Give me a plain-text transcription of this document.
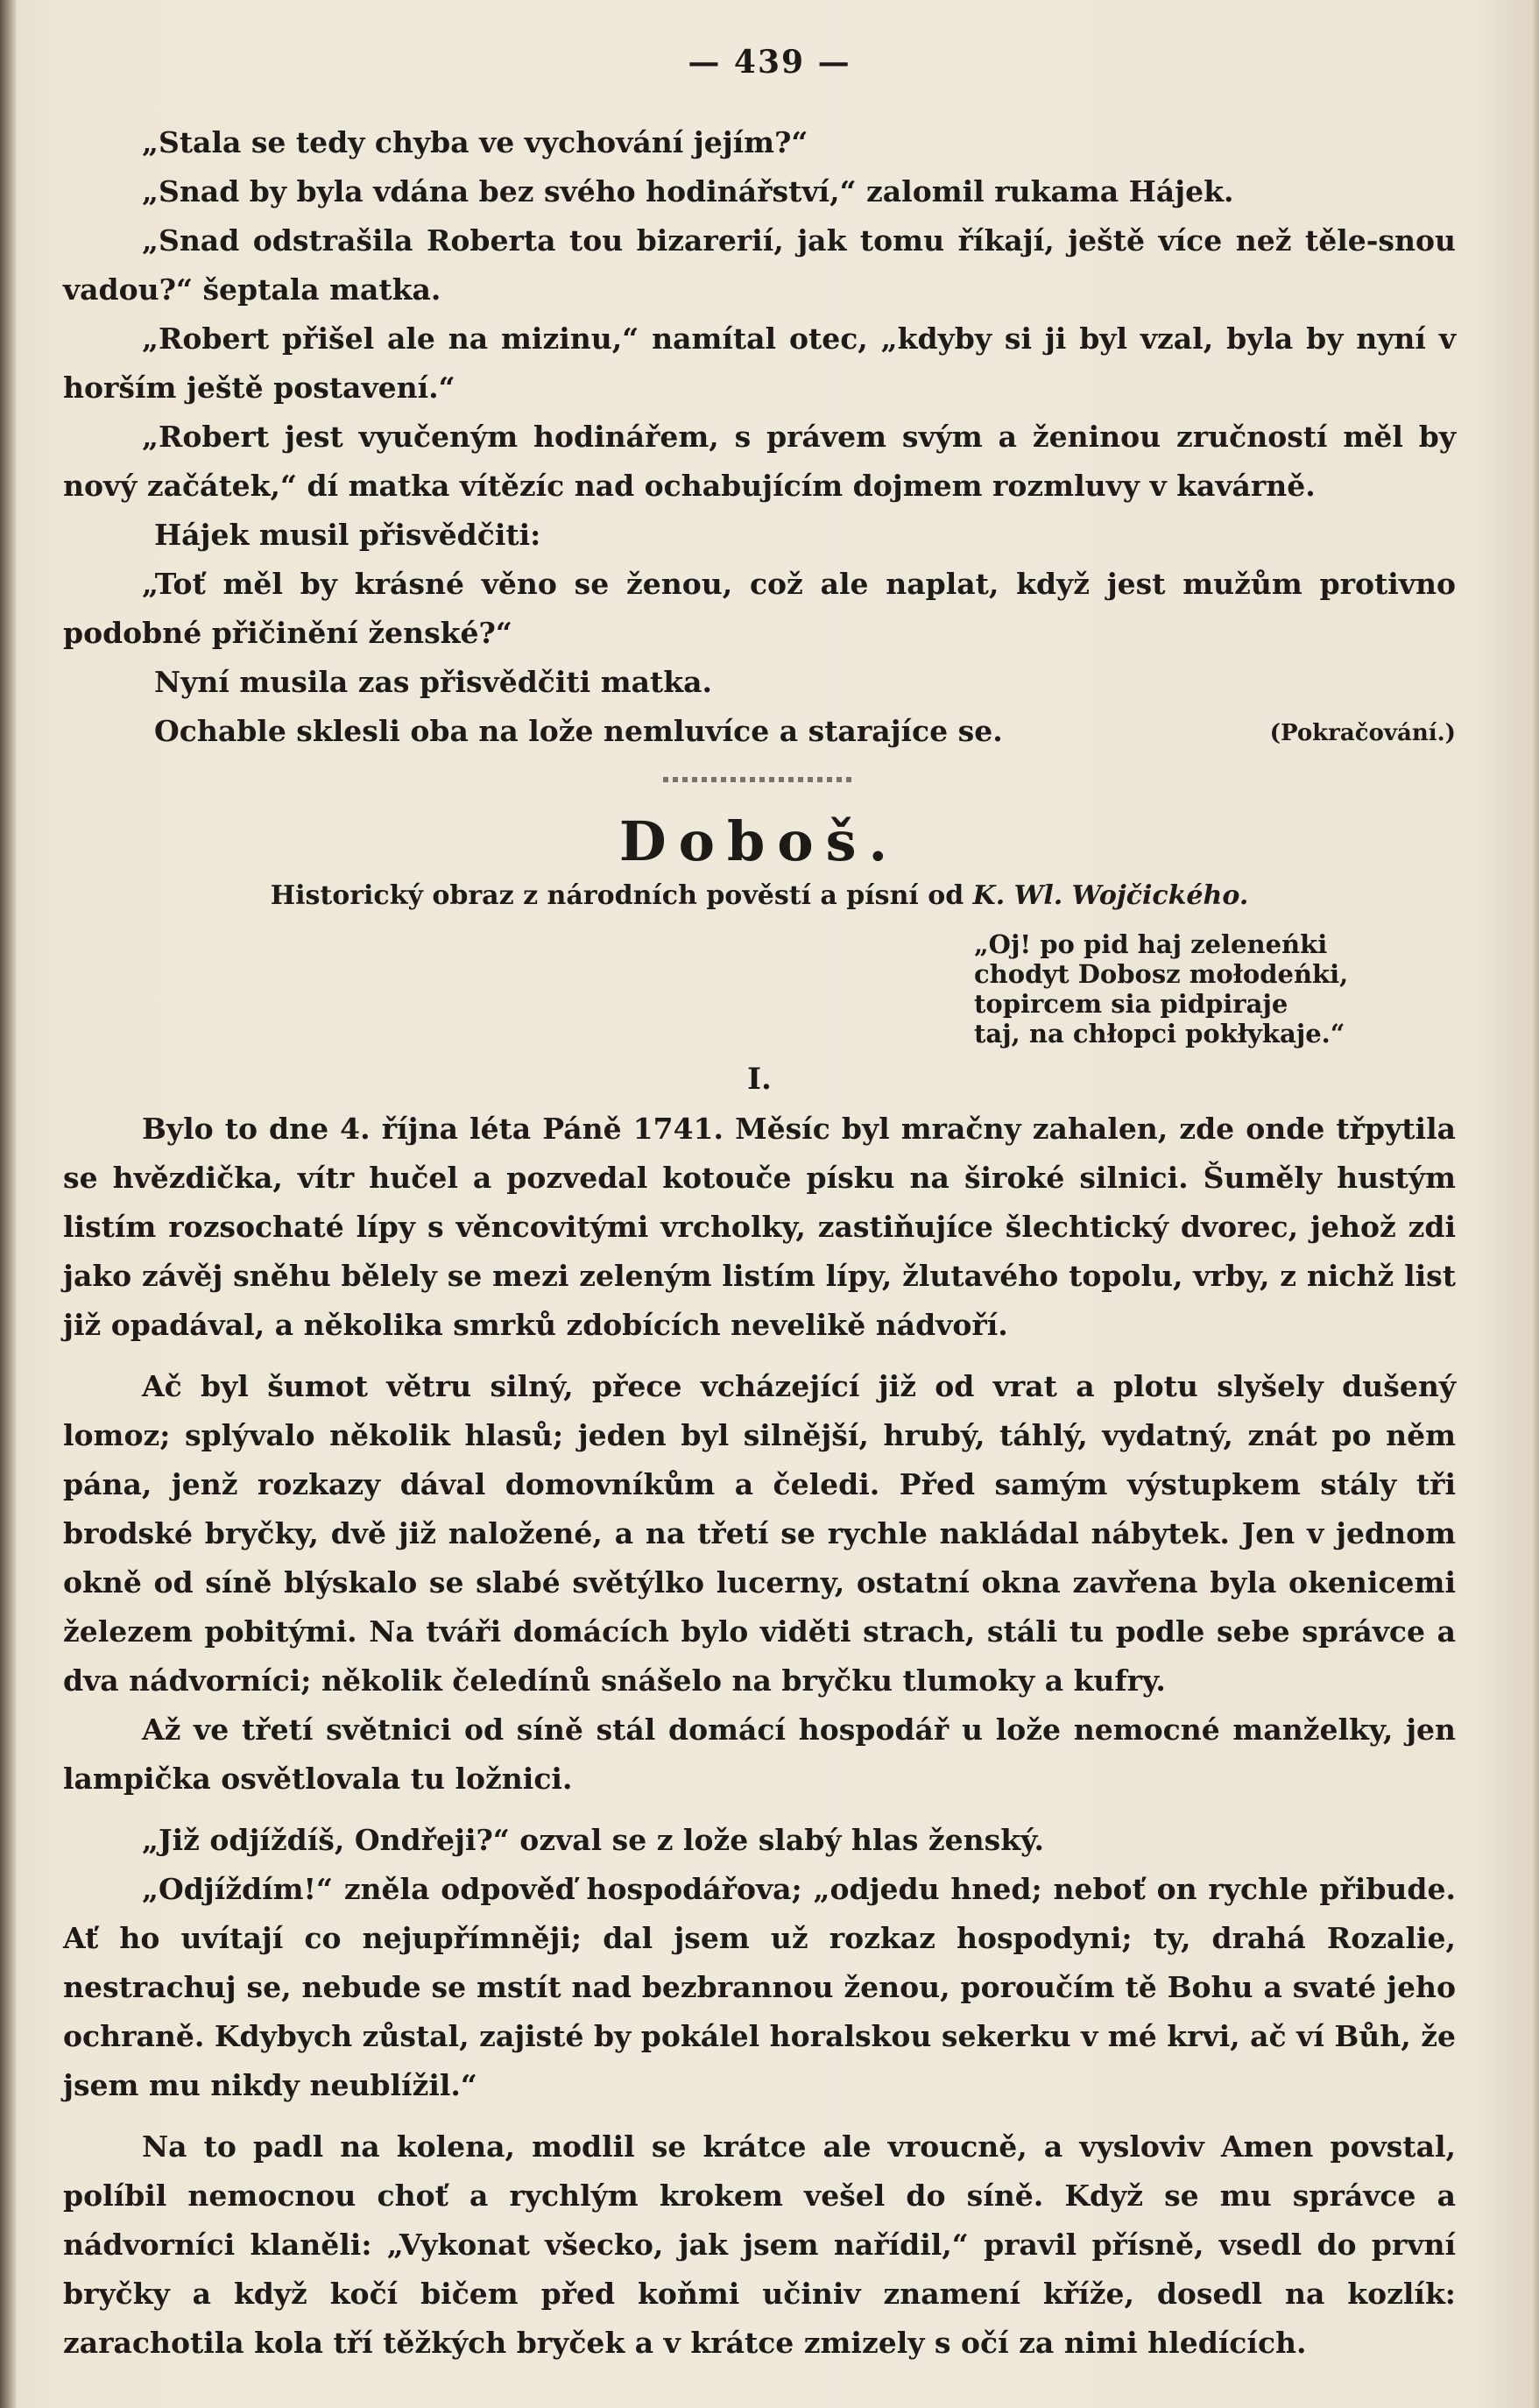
— 439 —

„Stala se tedy chyba ve vychování jejím?“

„Snad by byla vdána bez svého hodinářství,“ zalomil rukama Hájek.

„Snad odstrašila Roberta tou bizarerií, jak tomu říkají, ještě více než těle-snou vadou?“ šeptala matka.

„Robert přišel ale na mizinu,“ namítal otec, „kdyby si ji byl vzal, byla by nyní v horším ještě postavení.“

„Robert jest vyučeným hodinářem, s právem svým a ženinou zručností měl by nový začátek,“ dí matka vítězíc nad ochabujícím dojmem rozmluvy v kavárně.

Hájek musil přisvědčiti:

„Toť měl by krásné věno se ženou, což ale naplat, když jest mužům protivno podobné přičinění ženské?“

Nyní musila zas přisvědčiti matka.

Ochable sklesli oba na lože nemluvíce a starajíce se.	(Pokračování.)

Doboš.
Historický obraz z národních pověstí a písní od K. Wl. Wojčického.
„Oj! po pid haj zeleneńki
chodyt Dobosz mołodeńki,
topircem sia pidpiraje
taj, na chłopci pokłykaje.“
I.

Bylo to dne 4. října léta Páně 1741. Měsíc byl mračny zahalen, zde onde třpytila se hvězdička, vítr hučel a pozvedal kotouče písku na široké silnici. Šuměly hustým listím rozsochaté lípy s věncovitými vrcholky, zastiňujíce šlechtický dvorec, jehož zdi jako závěj sněhu bělely se mezi zeleným listím lípy, žlutavého topolu, vrby, z nichž list již opadával, a několika smrků zdobících nevelikě nádvoří.

Ač byl šumot větru silný, přece vcházející již od vrat a plotu slyšely dušený lomoz; splývalo několik hlasů; jeden byl silnější, hrubý, táhlý, vydatný, znát po něm pána, jenž rozkazy dával domovníkům a čeledi. Před samým výstupkem stály tři brodské bryčky, dvě již naložené, a na třetí se rychle nakládal nábytek. Jen v jednom okně od síně blýskalo se slabé světýlko lucerny, ostatní okna zavřena byla okenicemi železem pobitými. Na tváři domácích bylo viděti strach, stáli tu podle sebe správce a dva nádvorníci; několik čeledínů snášelo na bryčku tlumoky a kufry.

Až ve třetí světnici od síně stál domácí hospodář u lože nemocné manželky, jen lampička osvětlovala tu ložnici.

„Již odjíždíš, Ondřeji?“ ozval se z lože slabý hlas ženský.

„Odjíždím!“ zněla odpověď hospodářova; „odjedu hned; neboť on rychle přibude. Ať ho uvítají co nejupřímněji; dal jsem už rozkaz hospodyni; ty, drahá Rozalie, nestrachuj se, nebude se mstít nad bezbrannou ženou, poroučím tě Bohu a svaté jeho ochraně. Kdybych zůstal, zajisté by pokálel horalskou sekerku v mé krvi, ač ví Bůh, že jsem mu nikdy neublížil.“

Na to padl na kolena, modlil se krátce ale vroucně, a vysloviv Amen povstal, políbil nemocnou choť a rychlým krokem vešel do síně. Když se mu správce a nádvorníci klaněli: „Vykonat všecko, jak jsem nařídil,“ pravil přísně, vsedl do první bryčky a když kočí bičem před koňmi učiniv znamení kříže, dosedl na kozlík: zarachotila kola tří těžkých bryček a v krátce zmizely s očí za nimi hledících.
